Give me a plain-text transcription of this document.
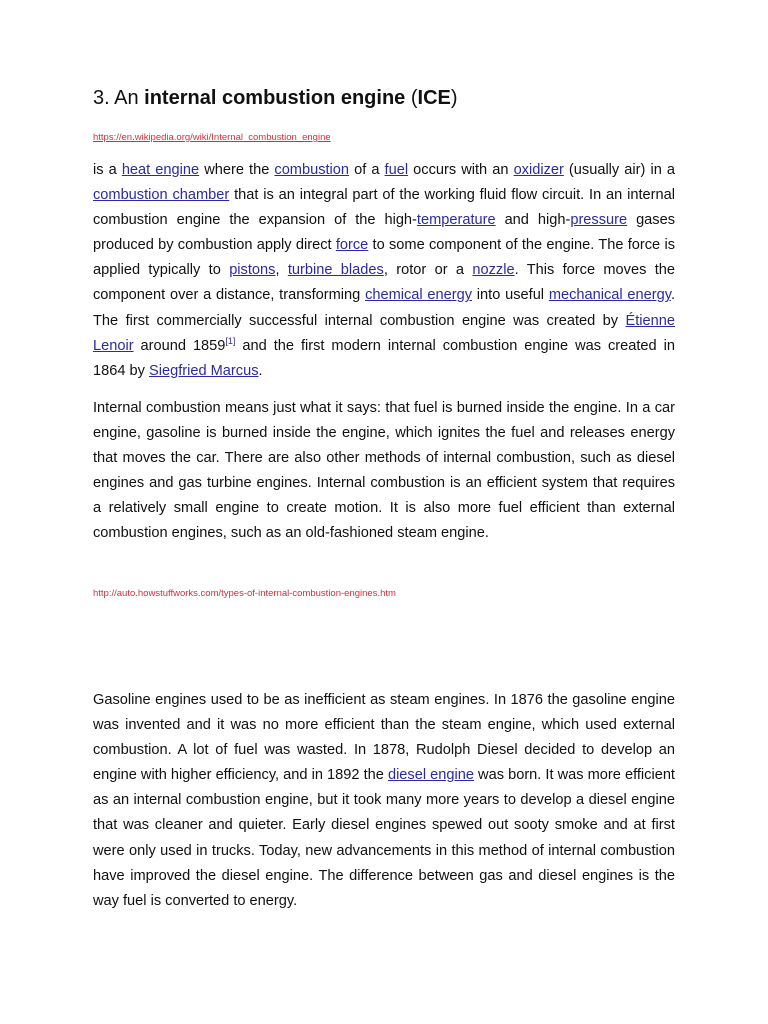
3. An internal combustion engine (ICE)
https://en.wikipedia.org/wiki/Internal_combustion_engine

is a heat engine where the combustion of a fuel occurs with an oxidizer (usually air) in a combustion chamber that is an integral part of the working fluid flow circuit. In an internal combustion engine the expansion of the high-temperature and high-pressure gases produced by combustion apply direct force to some component of the engine. The force is applied typically to pistons, turbine blades, rotor or a nozzle. This force moves the component over a distance, transforming chemical energy into useful mechanical energy. The first commercially successful internal combustion engine was created by Étienne Lenoir around 1859[1] and the first modern internal combustion engine was created in 1864 by Siegfried Marcus.

Internal combustion means just what it says: that fuel is burned inside the engine. In a car engine, gasoline is burned inside the engine, which ignites the fuel and releases energy that moves the car. There are also other methods of internal combustion, such as diesel engines and gas turbine engines. Internal combustion is an efficient system that requires a relatively small engine to create motion. It is also more fuel efficient than external combustion engines, such as an old-fashioned steam engine.

http://auto.howstuffworks.com/types-of-internal-combustion-engines.htm

Gasoline engines used to be as inefficient as steam engines. In 1876 the gasoline engine was invented and it was no more efficient than the steam engine, which used external combustion. A lot of fuel was wasted. In 1878, Rudolph Diesel decided to develop an engine with higher efficiency, and in 1892 the diesel engine was born. It was more efficient as an internal combustion engine, but it took many more years to develop a diesel engine that was cleaner and quieter. Early diesel engines spewed out sooty smoke and at first were only used in trucks. Today, new advancements in this method of internal combustion have improved the diesel engine. The difference between gas and diesel engines is the way fuel is converted to energy.
